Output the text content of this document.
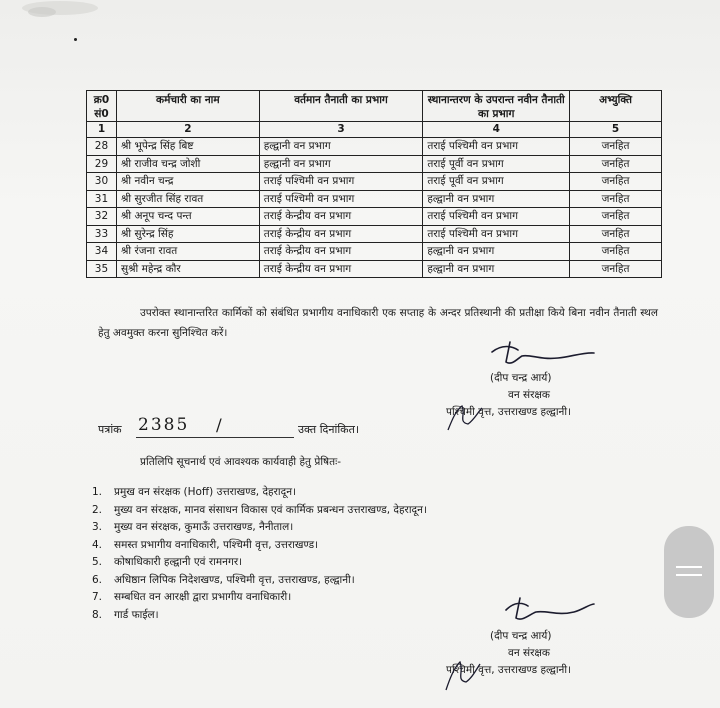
क्र0 सं0	कर्मचारी का नाम	वर्तमान तैनाती का प्रभाग	स्थानान्तरण के उपरान्त नवीन तैनाती का प्रभाग	अभ्युक्ति
1	2	3	4	5
28	श्री भूपेन्द्र सिंह बिष्ट	हल्द्वानी वन प्रभाग	तराई पश्चिमी वन प्रभाग	जनहित
29	श्री राजीव चन्द्र जोशी	हल्द्वानी वन प्रभाग	तराई पूर्वी वन प्रभाग	जनहित
30	श्री नवीन चन्द्र	तराई पश्चिमी वन प्रभाग	तराई पूर्वी वन प्रभाग	जनहित
31	श्री सुरजीत सिंह रावत	तराई पश्चिमी वन प्रभाग	हल्द्वानी वन प्रभाग	जनहित
32	श्री अनूप चन्द पन्त	तराई केन्द्रीय वन प्रभाग	तराई पश्चिमी वन प्रभाग	जनहित
33	श्री सुरेन्द्र सिंह	तराई केन्द्रीय वन प्रभाग	तराई पश्चिमी वन प्रभाग	जनहित
34	श्री रंजना रावत	तराई केन्द्रीय वन प्रभाग	हल्द्वानी वन प्रभाग	जनहित
35	सुश्री महेन्द्र कौर	तराई केन्द्रीय वन प्रभाग	हल्द्वानी वन प्रभाग	जनहित

उपरोक्त स्थानान्तरित कार्मिकों को संबंधित प्रभागीय वनाधिकारी एक सप्ताह के अन्दर प्रतिस्थानी की प्रतीक्षा किये बिना नवीन तैनाती स्थल हेतु अवमुक्त करना सुनिश्चित करें।

(दीप चन्द्र आर्य)
वन संरक्षक
पश्चिमी वृत्त, उत्तराखण्ड हल्द्वानी।
पत्रांक 2385 /	उक्त दिनांकित।
प्रतिलिपि सूचनार्थ एवं आवश्यक कार्यवाही हेतु प्रेषितः-
1. प्रमुख वन संरक्षक (Hoff) उत्तराखण्ड, देहरादून।
2. मुख्य वन संरक्षक, मानव संसाधन विकास एवं कार्मिक प्रबन्धन उत्तराखण्ड, देहरादून।
3. मुख्य वन संरक्षक, कुमाऊँ उत्तराखण्ड, नैनीताल।
4. समस्त प्रभागीय वनाधिकारी, पश्चिमी वृत्त, उत्तराखण्ड।
5. कोषाधिकारी हल्द्वानी एवं रामनगर।
6. अधिष्ठान लिपिक निदेशखण्ड, पश्चिमी वृत्त, उत्तराखण्ड, हल्द्वानी।
7. सम्बधित वन आरक्षी द्वारा प्रभागीय वनाधिकारी।
8. गार्ड फाईल।
(दीप चन्द्र आर्य)
वन संरक्षक
पश्चिमी वृत्त, उत्तराखण्ड हल्द्वानी।
